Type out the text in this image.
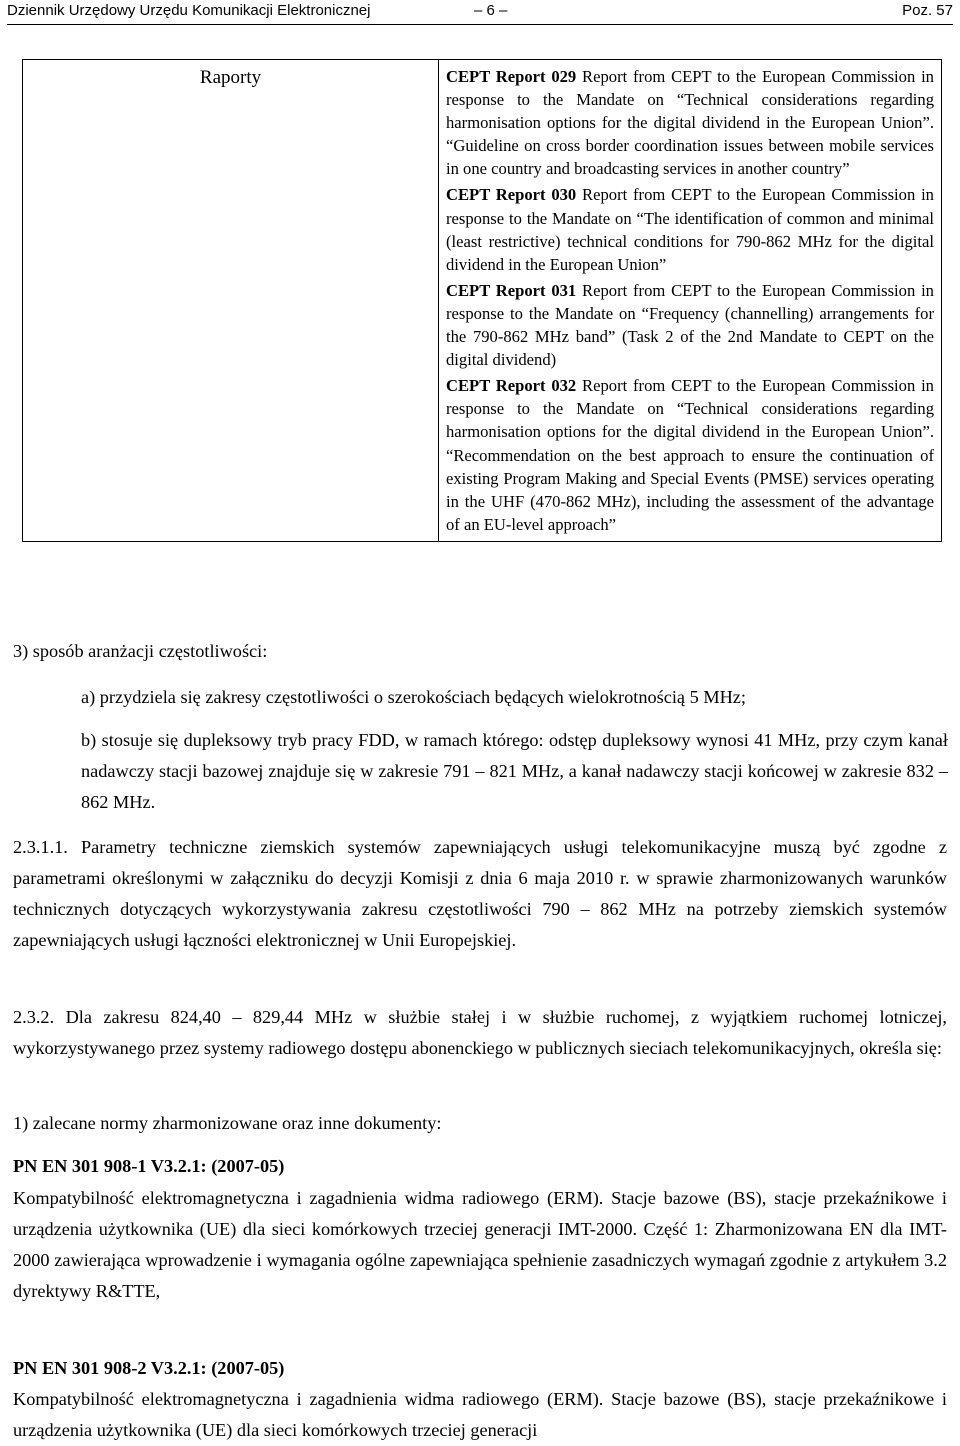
Dziennik Urzędowy Urzędu Komunikacji Elektronicznej	– 6 –	Poz. 57
Raporty	CEPT Report 029 Report from CEPT to the European Commission in response to the Mandate on “Technical considerations regarding harmonisation options for the digital dividend in the European Union”. “Guideline on cross border coordination issues between mobile services in one country and broadcasting services in another country”
CEPT Report 030 Report from CEPT to the European Commission in response to the Mandate on “The identification of common and minimal (least restrictive) technical conditions for 790-862 MHz for the digital dividend in the European Union”
CEPT Report 031 Report from CEPT to the European Commission in response to the Mandate on “Frequency (channelling) arrangements for the 790-862 MHz band” (Task 2 of the 2nd Mandate to CEPT on the digital dividend)
CEPT Report 032 Report from CEPT to the European Commission in response to the Mandate on “Technical considerations regarding harmonisation options for the digital dividend in the European Union”. “Recommendation on the best approach to ensure the continuation of existing Program Making and Special Events (PMSE) services operating in the UHF (470-862 MHz), including the assessment of the advantage of an EU-level approach”
3) sposób aranżacji częstotliwości:
a) przydziela się zakresy częstotliwości o szerokościach będących wielokrotnością 5 MHz;
b) stosuje się dupleksowy tryb pracy FDD, w ramach którego: odstęp dupleksowy wynosi 41 MHz, przy czym kanał nadawczy stacji bazowej znajduje się w zakresie 791 – 821 MHz, a kanał nadawczy stacji końcowej w zakresie 832 – 862 MHz.
2.3.1.1. Parametry techniczne ziemskich systemów zapewniających usługi telekomunikacyjne muszą być zgodne z parametrami określonymi w załączniku do decyzji Komisji z dnia 6 maja 2010 r. w sprawie zharmonizowanych warunków technicznych dotyczących wykorzystywania zakresu częstotliwości 790 – 862 MHz na potrzeby ziemskich systemów zapewniających usługi łączności elektronicznej w Unii Europejskiej.
2.3.2. Dla zakresu 824,40 – 829,44 MHz w służbie stałej i w służbie ruchomej, z wyjątkiem ruchomej lotniczej, wykorzystywanego przez systemy radiowego dostępu abonenckiego w publicznych sieciach telekomunikacyjnych, określa się:
1) zalecane normy zharmonizowane oraz inne dokumenty:
PN EN 301 908-1 V3.2.1: (2007-05)
Kompatybilność elektromagnetyczna i zagadnienia widma radiowego (ERM). Stacje bazowe (BS), stacje przekaźnikowe i urządzenia użytkownika (UE) dla sieci komórkowych trzeciej generacji IMT-2000. Część 1: Zharmonizowana EN dla IMT-2000 zawierająca wprowadzenie i wymagania ogólne zapewniająca spełnienie zasadniczych wymagań zgodnie z artykułem 3.2 dyrektywy R&TTE,
PN EN 301 908-2 V3.2.1: (2007-05)
Kompatybilność elektromagnetyczna i zagadnienia widma radiowego (ERM). Stacje bazowe (BS), stacje przekaźnikowe i urządzenia użytkownika (UE) dla sieci komórkowych trzeciej generacji
